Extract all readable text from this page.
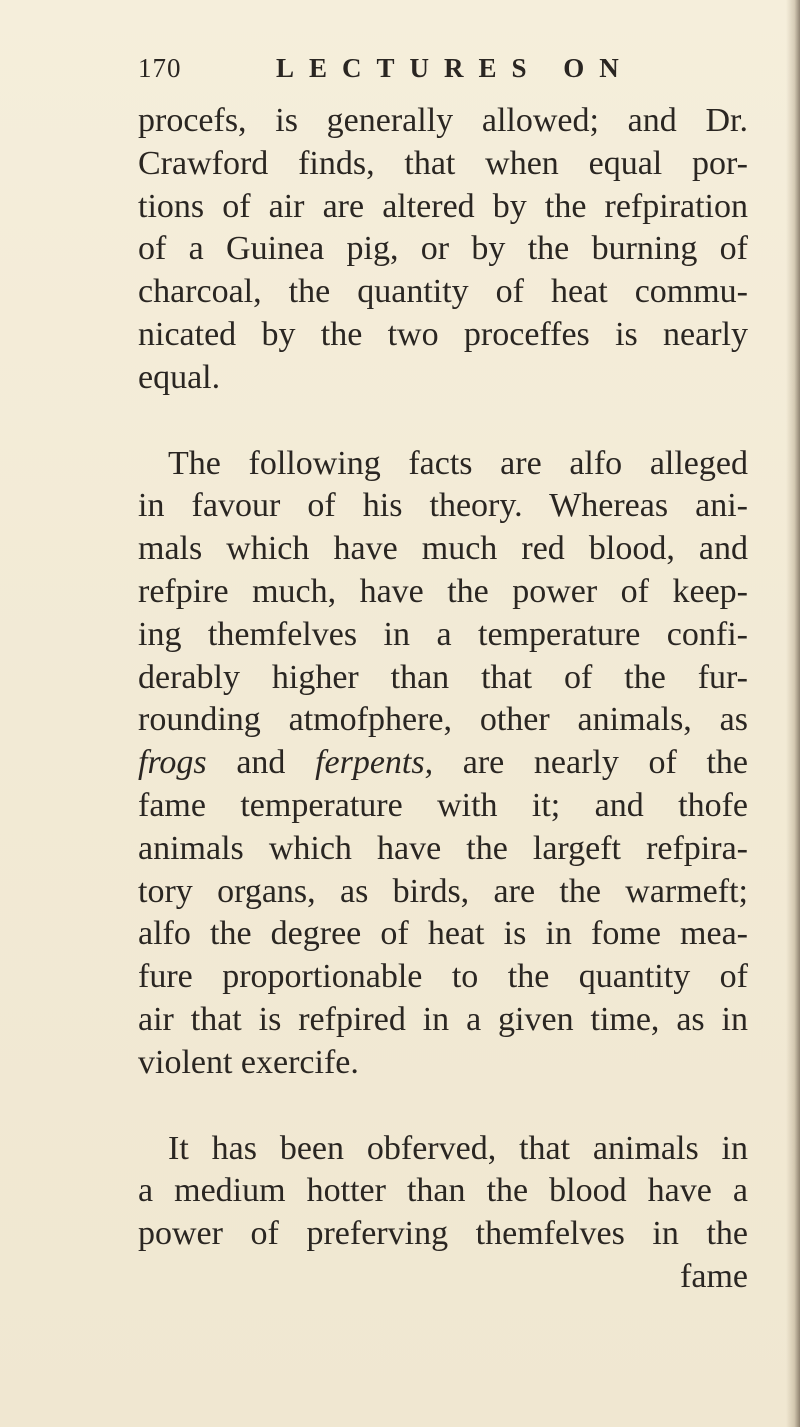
170	LECTURES ON
procefs, is generally allowed; and Dr.
Crawford finds, that when equal por-
tions of air are altered by the refpiration
of a Guinea pig, or by the burning of
charcoal, the quantity of heat commu-
nicated by the two proceffes is nearly
equal.
The following facts are alfo alleged
in favour of his theory. Whereas ani-
mals which have much red blood, and
refpire much, have the power of keep-
ing themfelves in a temperature confi-
derably higher than that of the fur-
rounding atmofphere, other animals, as
frogs and ferpents, are nearly of the
fame temperature with it; and thofe
animals which have the largeft refpira-
tory organs, as birds, are the warmeft;
alfo the degree of heat is in fome mea-
fure proportionable to the quantity of
air that is refpired in a given time, as in
violent exercife.
It has been obferved, that animals in
a medium hotter than the blood have a
power of preferving themfelves in the
fame
